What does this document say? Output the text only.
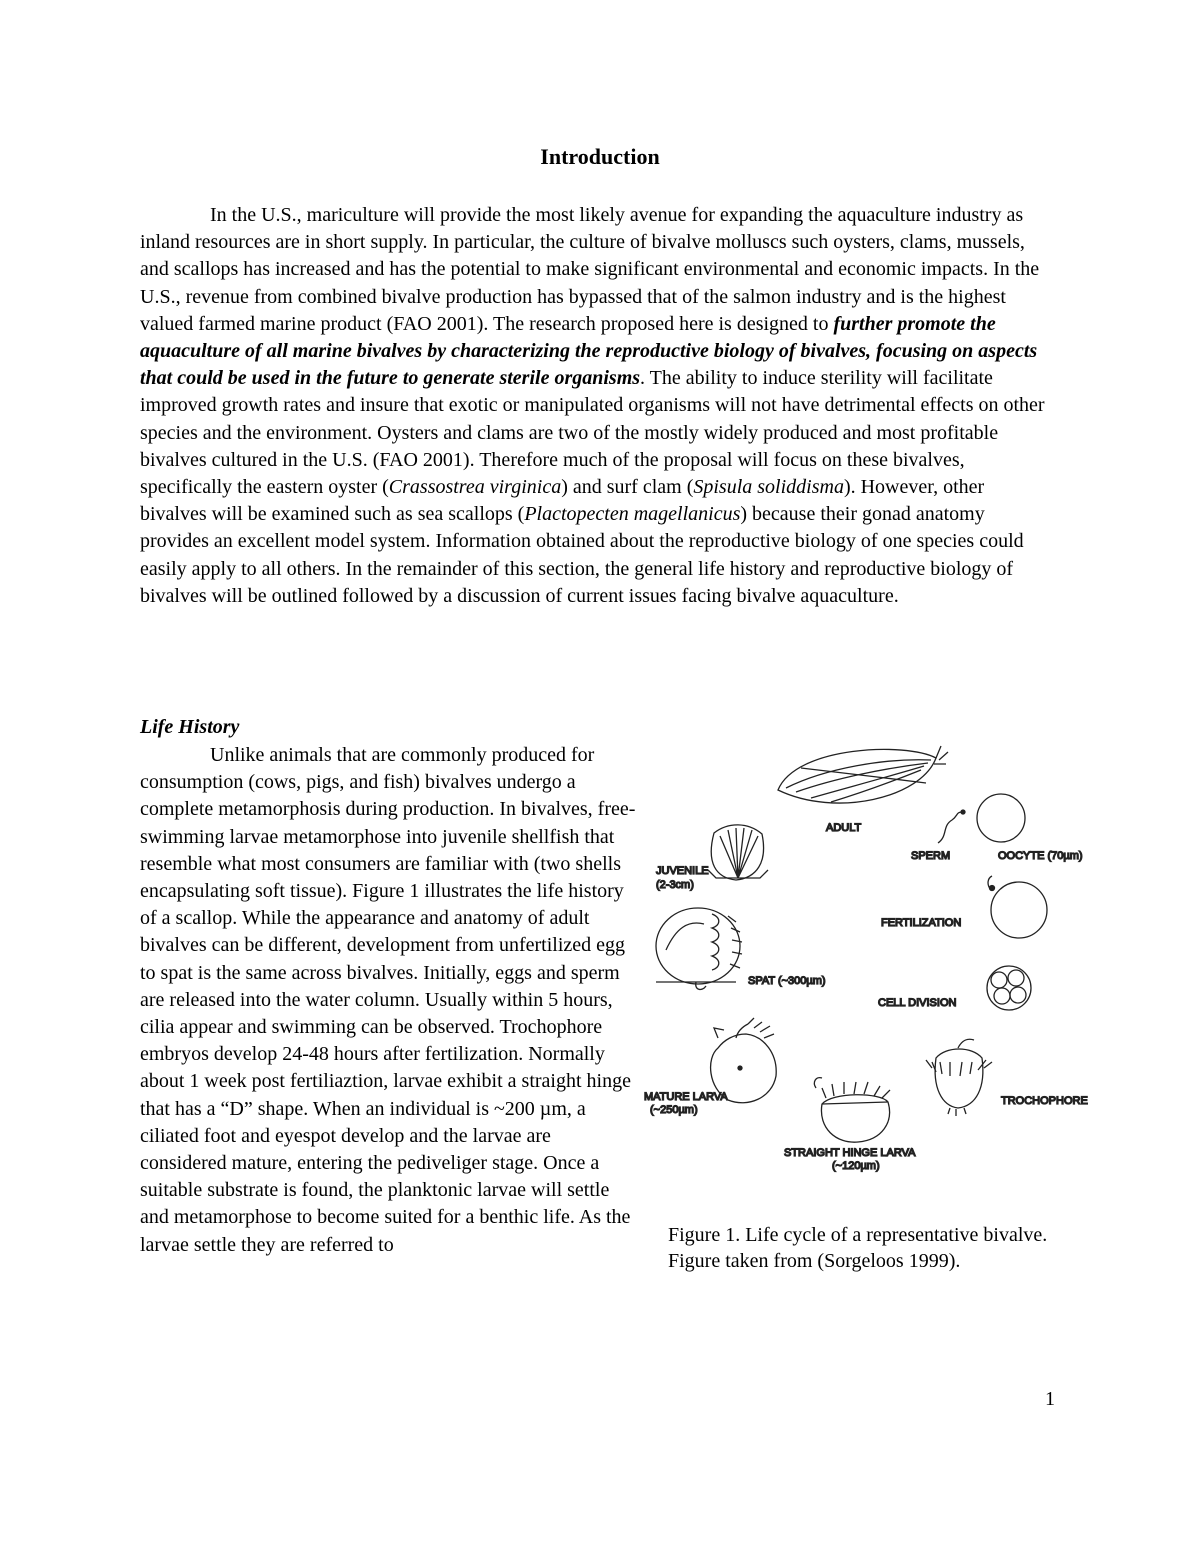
Introduction

In the U.S., mariculture will provide the most likely avenue for expanding the aquaculture industry as inland resources are in short supply. In particular, the culture of bivalve molluscs such oysters, clams, mussels, and scallops has increased and has the potential to make significant environmental and economic impacts. In the U.S., revenue from combined bivalve production has bypassed that of the salmon industry and is the highest valued farmed marine product (FAO 2001). The research proposed here is designed to further promote the aquaculture of all marine bivalves by characterizing the reproductive biology of bivalves, focusing on aspects that could be used in the future to generate sterile organisms. The ability to induce sterility will facilitate improved growth rates and insure that exotic or manipulated organisms will not have detrimental effects on other species and the environment. Oysters and clams are two of the mostly widely produced and most profitable bivalves cultured in the U.S. (FAO 2001). Therefore much of the proposal will focus on these bivalves, specifically the eastern oyster (Crassostrea virginica) and surf clam (Spisula soliddisma). However, other bivalves will be examined such as sea scallops (Plactopecten magellanicus) because their gonad anatomy provides an excellent model system. Information obtained about the reproductive biology of one species could easily apply to all others. In the remainder of this section, the general life history and reproductive biology of bivalves will be outlined followed by a discussion of current issues facing bivalve aquaculture.

Life History

Unlike animals that are commonly produced for consumption (cows, pigs, and fish) bivalves undergo a complete metamorphosis during production. In bivalves, free-swimming larvae metamorphose into juvenile shellfish that resemble what most consumers are familiar with (two shells encapsulating soft tissue). Figure 1 illustrates the life history of a scallop. While the appearance and anatomy of adult bivalves can be different, development from unfertilized egg to spat is the same across bivalves. Initially, eggs and sperm are released into the water column. Usually within 5 hours, cilia appear and swimming can be observed. Trochophore embryos develop 24-48 hours after fertilization. Normally about 1 week post fertiliaztion, larvae exhibit a straight hinge that has a “D” shape. When an individual is ~200 µm, a ciliated foot and eyespot develop and the larvae are considered mature, entering the pediveliger stage. Once a suitable substrate is found, the planktonic larvae will settle and metamorphose to become suited for a benthic life. As the larvae settle they are referred to

ADULT
SPERM	OOCYTE (70µm)
JUVENILE
(2-3cm)
FERTILIZATION
SPAT (~300µm)
CELL DIVISION
MATURE LARVA
(~250µm)
TROCHOPHORE
STRAIGHT HINGE LARVA
(~120µm)

Figure 1. Life cycle of a representative bivalve. Figure taken from (Sorgeloos 1999).

1
